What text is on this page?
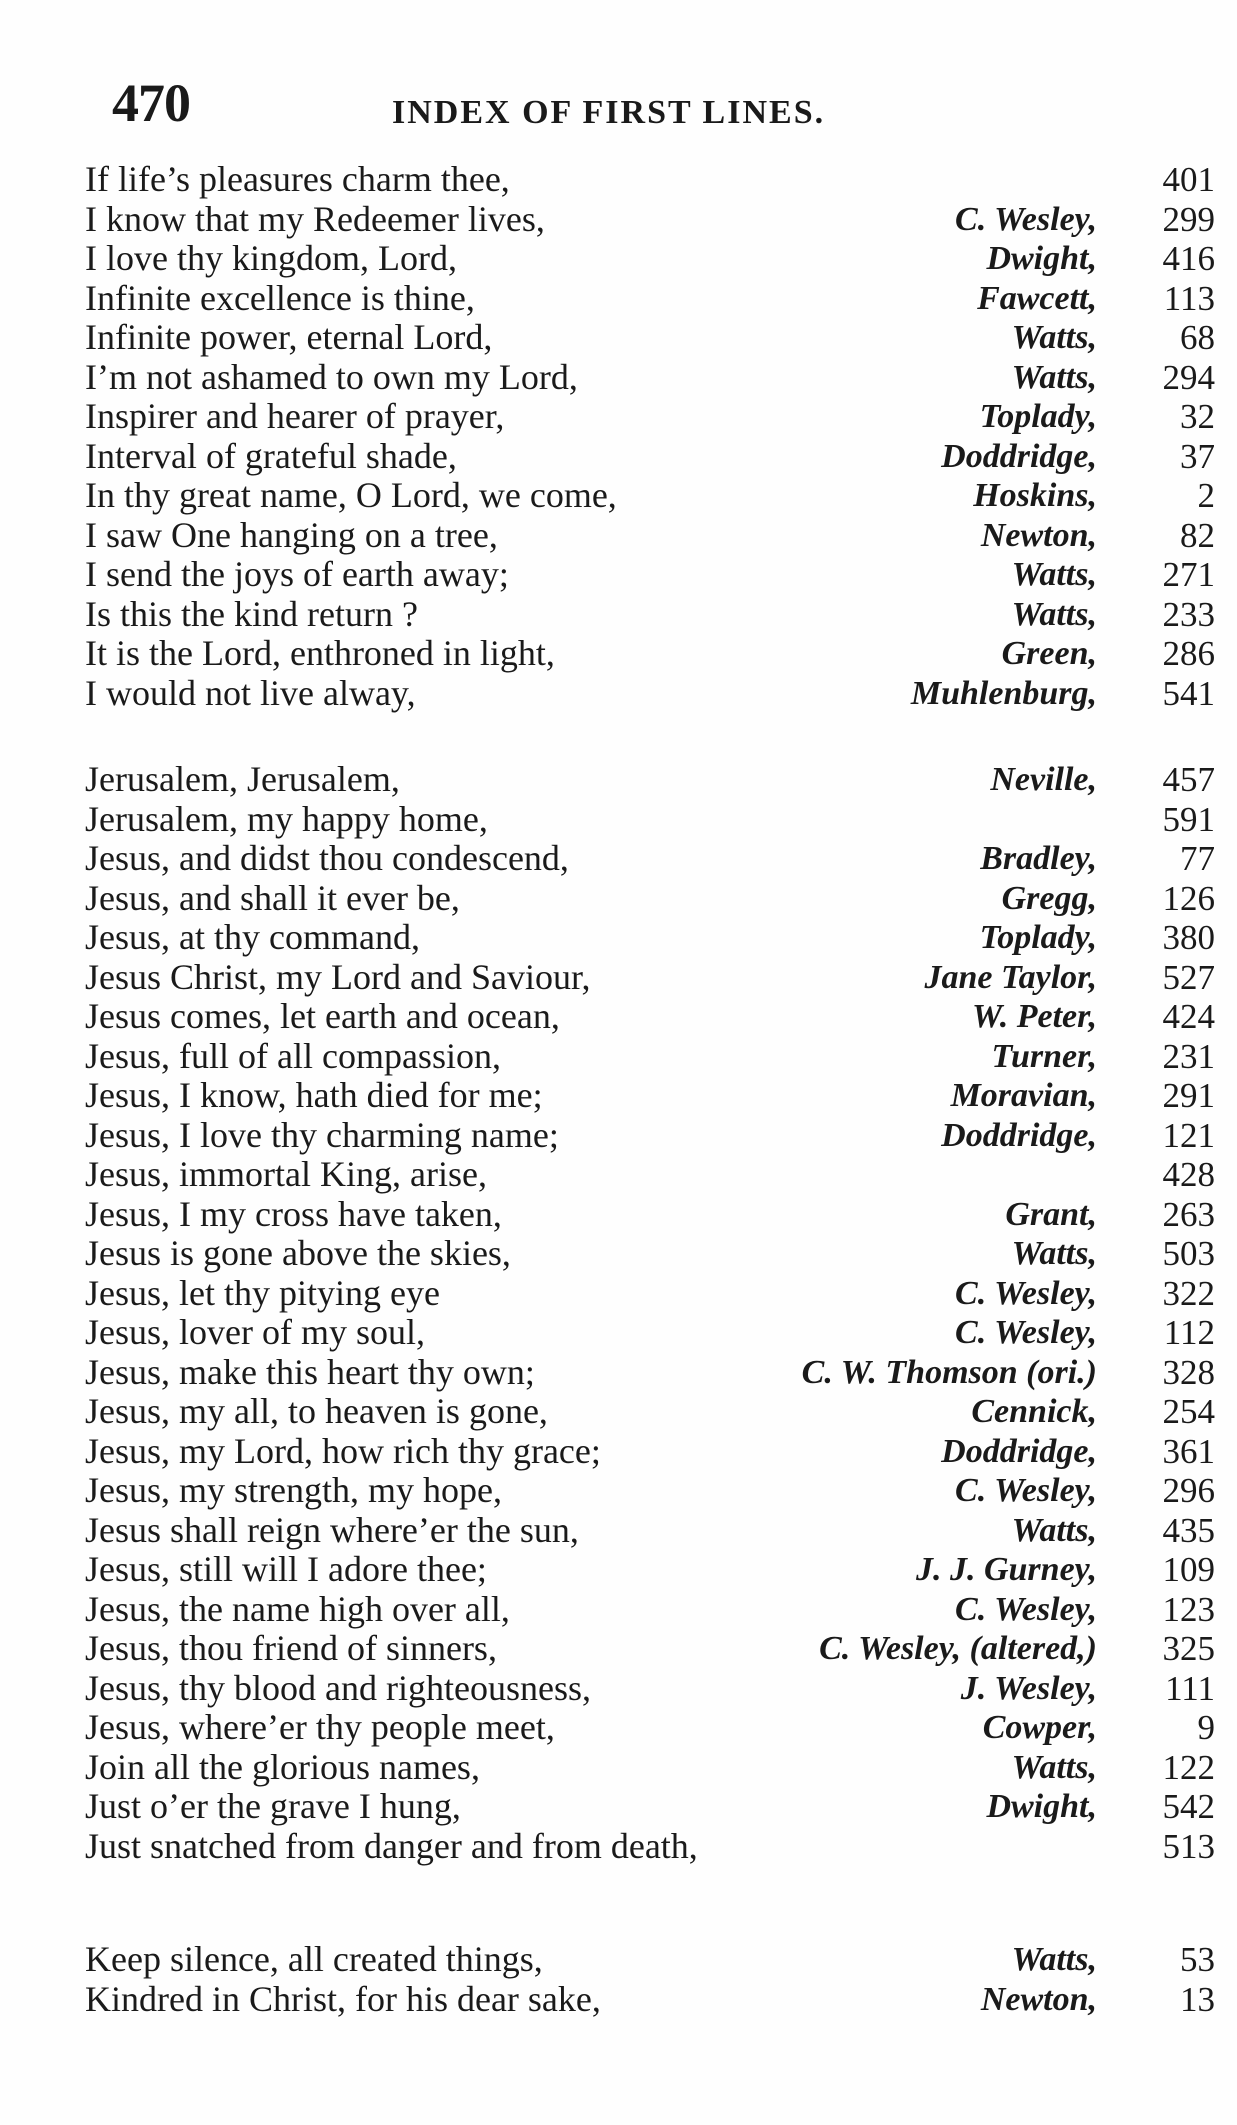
470	INDEX OF FIRST LINES.
If life’s pleasures charm thee,	401
I know that my Redeemer lives,	C. Wesley,	299
I love thy kingdom, Lord,	Dwight,	416
Infinite excellence is thine,	Fawcett,	113
Infinite power, eternal Lord,	Watts,	68
I’m not ashamed to own my Lord,	Watts,	294
Inspirer and hearer of prayer,	Toplady,	32
Interval of grateful shade,	Doddridge,	37
In thy great name, O Lord, we come,	Hoskins,	2
I saw One hanging on a tree,	Newton,	82
I send the joys of earth away;	Watts,	271
Is this the kind return ?	Watts,	233
It is the Lord, enthroned in light,	Green,	286
I would not live alway,	Muhlenburg,	541
Jerusalem, Jerusalem,	Neville,	457
Jerusalem, my happy home,	591
Jesus, and didst thou condescend,	Bradley,	77
Jesus, and shall it ever be,	Gregg,	126
Jesus, at thy command,	Toplady,	380
Jesus Christ, my Lord and Saviour,	Jane Taylor,	527
Jesus comes, let earth and ocean,	W. Peter,	424
Jesus, full of all compassion,	Turner,	231
Jesus, I know, hath died for me;	Moravian,	291
Jesus, I love thy charming name;	Doddridge,	121
Jesus, immortal King, arise,	428
Jesus, I my cross have taken,	Grant,	263
Jesus is gone above the skies,	Watts,	503
Jesus, let thy pitying eye	C. Wesley,	322
Jesus, lover of my soul,	C. Wesley,	112
Jesus, make this heart thy own;	C. W. Thomson (ori.)	328
Jesus, my all, to heaven is gone,	Cennick,	254
Jesus, my Lord, how rich thy grace;	Doddridge,	361
Jesus, my strength, my hope,	C. Wesley,	296
Jesus shall reign where’er the sun,	Watts,	435
Jesus, still will I adore thee;	J. J. Gurney,	109
Jesus, the name high over all,	C. Wesley,	123
Jesus, thou friend of sinners,	C. Wesley, (altered,)	325
Jesus, thy blood and righteousness,	J. Wesley,	111
Jesus, where’er thy people meet,	Cowper,	9
Join all the glorious names,	Watts,	122
Just o’er the grave I hung,	Dwight,	542
Just snatched from danger and from death,	513
Keep silence, all created things,	Watts,	53
Kindred in Christ, for his dear sake,	Newton,	13
